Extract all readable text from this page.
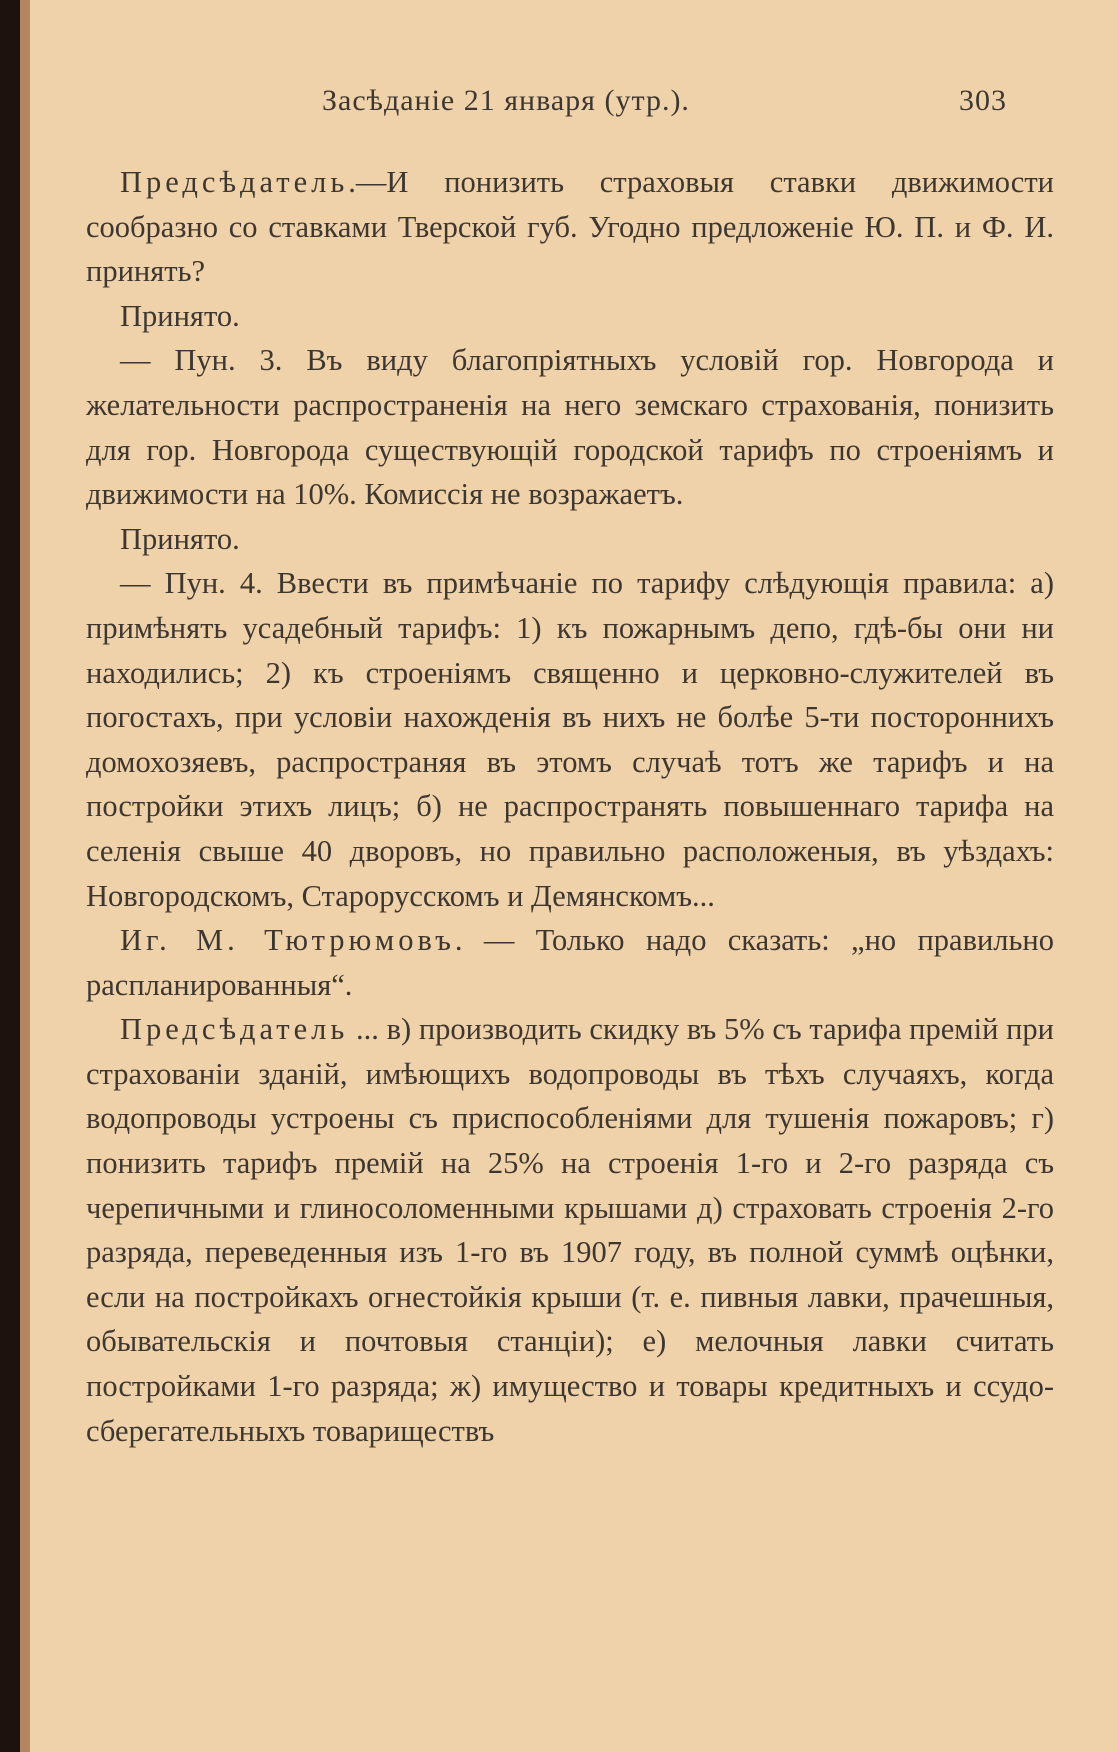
Засѣданіе 21 января (утр.).	303

Предсѣдатель.—И понизить страховыя ставки движимости сообразно со ставками Тверской губ. Угодно предложеніе Ю. П. и Ф. И. принять?

Принято.

— Пун. 3. Въ виду благопріятныхъ условій гор. Новгорода и желательности распространенія на него земскаго страхованія, понизить для гор. Новгорода существующій городской тарифъ по строеніямъ и движимости на 10%. Комиссія не возражаетъ.

Принято.

— Пун. 4. Ввести въ примѣчаніе по тарифу слѣдующія правила: а) примѣнять усадебный тарифъ: 1) къ пожарнымъ депо, гдѣ-бы они ни находились; 2) къ строеніямъ священно и церковно-служителей въ погостахъ, при условіи нахожденія въ нихъ не болѣе 5-ти постороннихъ домохозяевъ, распространяя въ этомъ случаѣ тотъ же тарифъ и на постройки этихъ лицъ; б) не распространять повышеннаго тарифа на селенія свыше 40 дворовъ, но правильно расположеныя, въ уѣздахъ: Новгородскомъ, Старорусскомъ и Демянскомъ...

Иг. М. Тютрюмовъ. — Только надо сказать: „но правильно распланированныя“.

Предсѣдатель ... в) производить скидку въ 5% съ тарифа премій при страхованіи зданій, имѣющихъ водопроводы въ тѣхъ случаяхъ, когда водопроводы устроены съ приспособленіями для тушенія пожаровъ; г) понизить тарифъ премій на 25% на строенія 1-го и 2-го разряда съ черепичными и глиносоломенными крышами д) страховать строенія 2-го разряда, переведенныя изъ 1-го въ 1907 году, въ полной суммѣ оцѣнки, если на постройкахъ огнестойкія крыши (т. е. пивныя лавки, прачешныя, обывательскія и почтовыя станціи); е) мелочныя лавки считать постройками 1-го разряда; ж) имущество и товары кредитныхъ и ссудо-сберегательныхъ товариществъ
